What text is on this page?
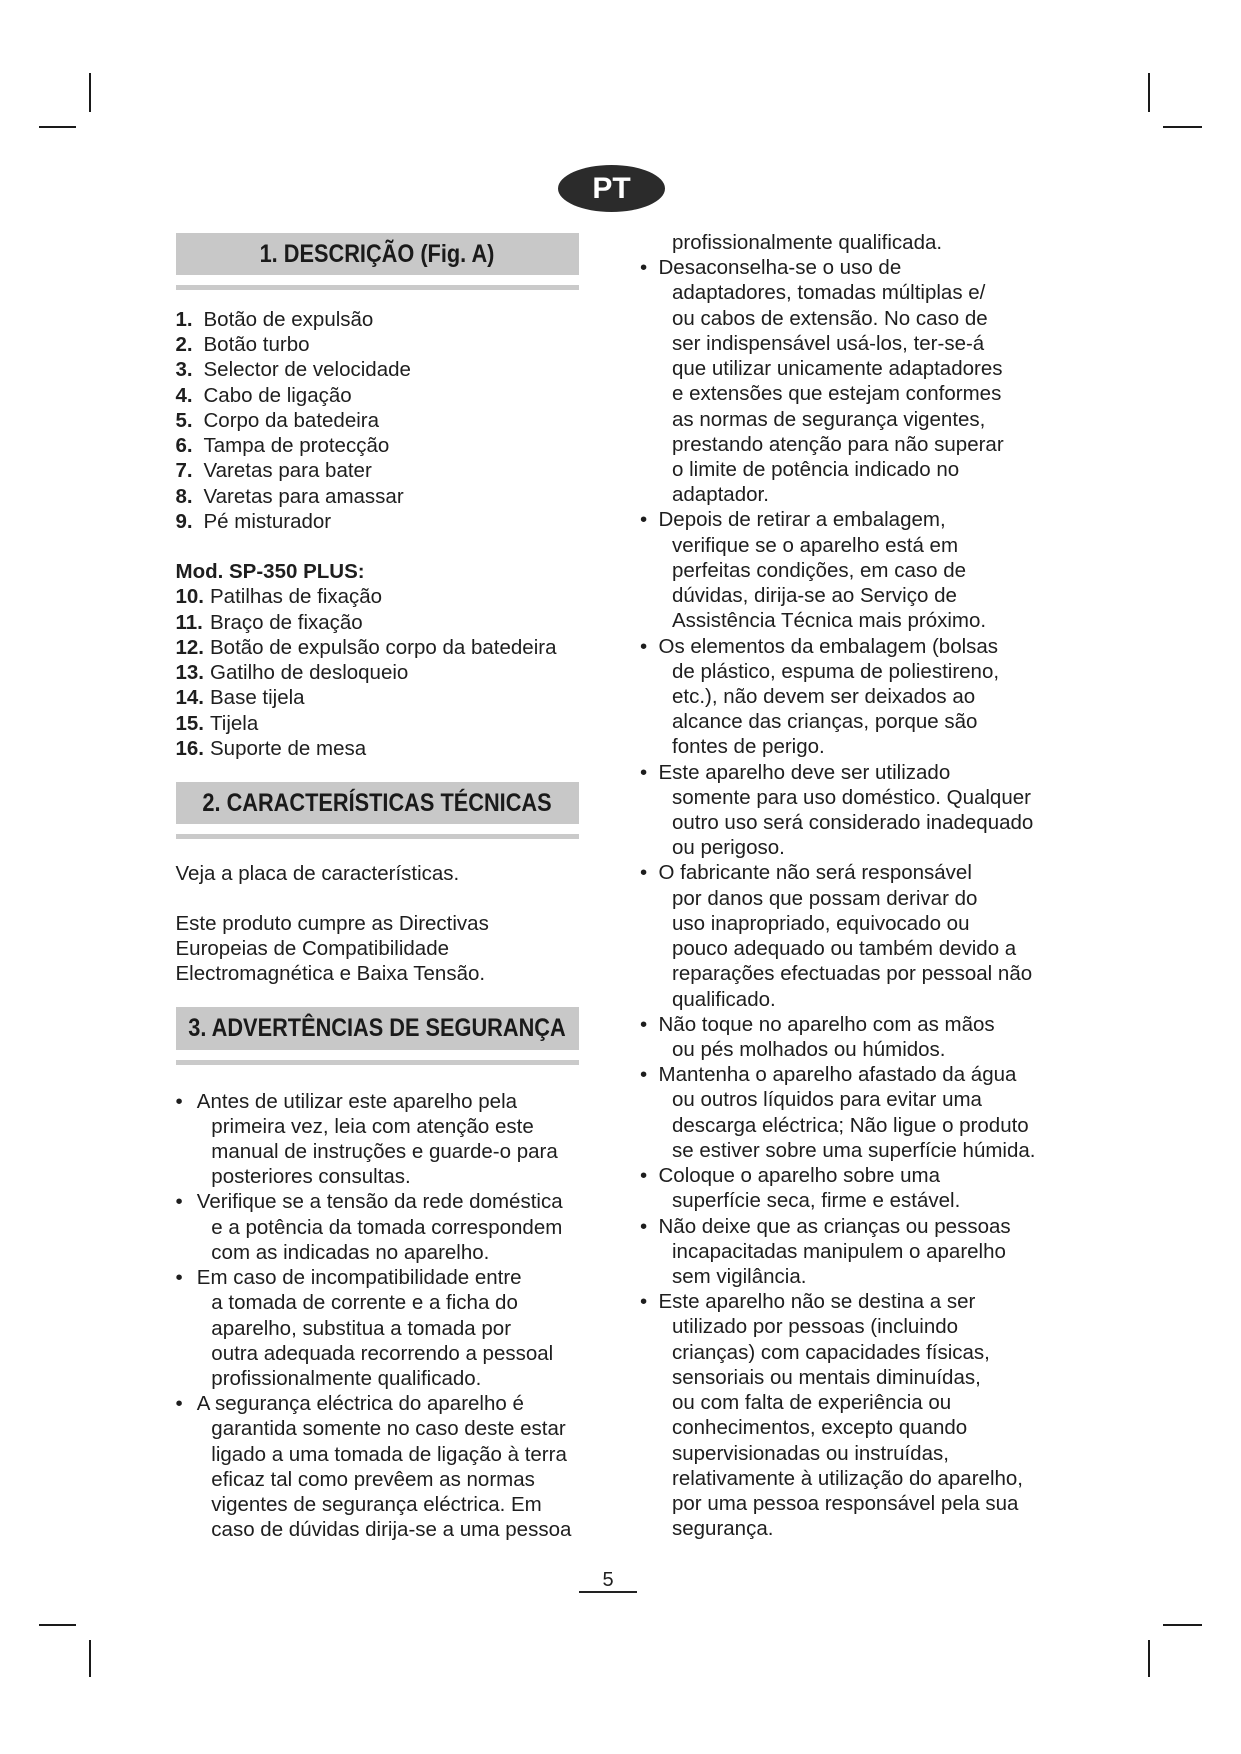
PT
1. DESCRIÇÃO (Fig. A)
1. Botão de expulsão
2. Botão turbo
3. Selector de velocidade
4. Cabo de ligação
5. Corpo da batedeira
6. Tampa de protecção
7. Varetas para bater
8. Varetas para amassar
9. Pé misturador
Mod. SP-350 PLUS:
10. Patilhas de fixação
11. Braço de fixação
12. Botão de expulsão corpo da batedeira
13. Gatilho de desloqueio
14. Base tijela
15. Tijela
16. Suporte de mesa
2. CARACTERÍSTICAS TÉCNICAS
Veja a placa de características.
Este produto cumpre as Directivas
Europeias de Compatibilidade
Electromagnética e Baixa Tensão.
3. ADVERTÊNCIAS DE SEGURANÇA
•
Antes de utilizar este aparelho pela
primeira vez, leia com atenção este
manual de instruções e guarde-o para
posteriores consultas.
•
Verifique se a tensão da rede doméstica
e a potência da tomada correspondem
com as indicadas no aparelho.
•
Em caso de incompatibilidade entre
a tomada de corrente e a ficha do
aparelho, substitua a tomada por
outra adequada recorrendo a pessoal
profissionalmente qualificado.
•
A segurança eléctrica do aparelho é
garantida somente no caso deste estar
ligado a uma tomada de ligação à terra
eficaz tal como prevêem as normas
vigentes de segurança eléctrica. Em
caso de dúvidas dirija-se a uma pessoa
profissionalmente qualificada.
•
Desaconselha-se o uso de
adaptadores, tomadas múltiplas e/
ou cabos de extensão. No caso de
ser indispensável usá-los, ter-se-á
que utilizar unicamente adaptadores
e extensões que estejam conformes
as normas de segurança vigentes,
prestando atenção para não superar
o limite de potência indicado no
adaptador.
•
Depois de retirar a embalagem,
verifique se o aparelho está em
perfeitas condições, em caso de
dúvidas, dirija-se ao Serviço de
Assistência Técnica mais próximo.
•
Os elementos da embalagem (bolsas
de plástico, espuma de poliestireno,
etc.), não devem ser deixados ao
alcance das crianças, porque são
fontes de perigo.
•
Este aparelho deve ser utilizado
somente para uso doméstico. Qualquer
outro uso será considerado inadequado
ou perigoso.
•
O fabricante não será responsável
por danos que possam derivar do
uso inapropriado, equivocado ou
pouco adequado ou também devido a
reparações efectuadas por pessoal não
qualificado.
•
Não toque no aparelho com as mãos
ou pés molhados ou húmidos.
•
Mantenha o aparelho afastado da água
ou outros líquidos para evitar uma
descarga eléctrica; Não ligue o produto
se estiver sobre uma superfície húmida.
•
Coloque o aparelho sobre uma
superfície seca, firme e estável.
•
Não deixe que as crianças ou pessoas
incapacitadas manipulem o aparelho
sem vigilância.
•
Este aparelho não se destina a ser
utilizado por pessoas (incluindo
crianças) com capacidades físicas,
sensoriais ou mentais diminuídas,
ou com falta de experiência ou
conhecimentos, excepto quando
supervisionadas ou instruídas,
relativamente à utilização do aparelho,
por uma pessoa responsável pela sua
segurança.
5
